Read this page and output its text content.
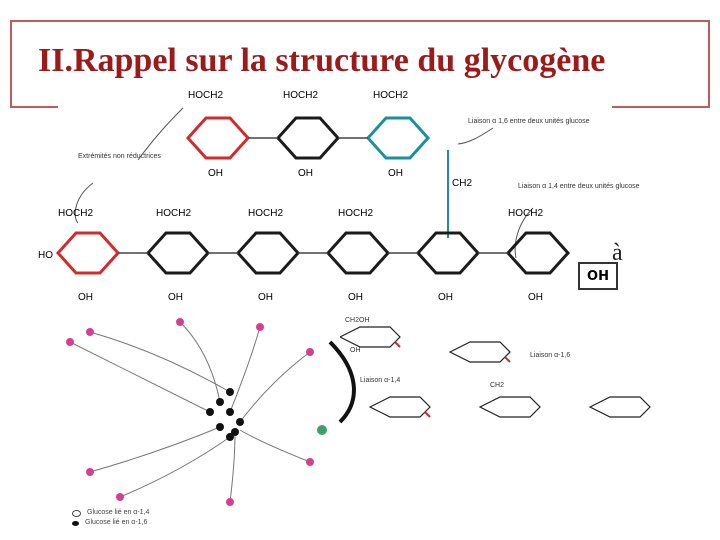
II.Rappel sur la structure du glycogène
Extrémités non réductrices
Liaison α 1,6 entre deux unités glucose
Liaison α 1,4 entre deux unités glucose
CH2
HOCH2	HOCH2	HOCH2
HOCH2	HOCH2	HOCH2	HOCH2	HOCH2
HO
OH	OH	OH	OH	OH	OH
OH	OH	OH
OH
à
CH2OH
Liaison α-1,6
Liaison α-1,4
CH2
OH
Glucose lié en α-1,4
Glucose lié en α-1,6
